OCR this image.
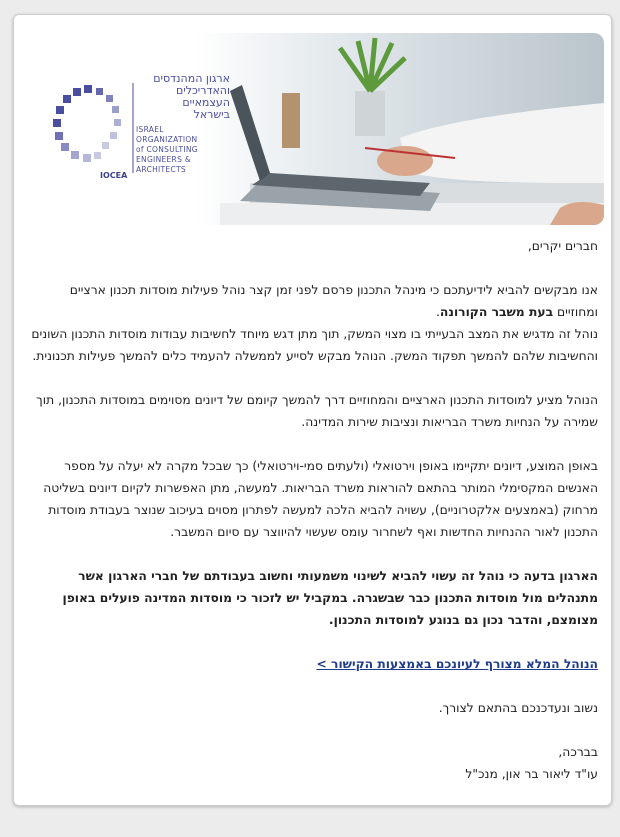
ארגון המהנדסים
והאדריכלים
העצמאיים
בישראל
ISRAEL
ORGANIZATION
of CONSULTING
ENGINEERS & ARCHITECTS
IOCEA

חברים יקרים,

אנו מבקשים להביא לידיעתכם כי מינהל התכנון פרסם לפני זמן קצר נוהל פעילות מוסדות תכנון ארציים
ומחוזיים בעת משבר הקורונה.
נוהל זה מדגיש את המצב הבעייתי בו מצוי המשק, תוך מתן דגש מיוחד לחשיבות עבודות מוסדות התכנון השונים והחשיבות שלהם להמשך תפקוד המשק. הנוהל מבקש לסייע לממשלה להעמיד כלים להמשך פעילות תכנונית.

הנוהל מציע למוסדות התכנון הארציים והמחוזיים דרך להמשך קיומם של דיונים מסוימים במוסדות התכנון, תוך שמירה על הנחיות משרד הבריאות ונציבות שירות המדינה.

באופן המוצע, דיונים יתקיימו באופן וירטואלי (ולעתים סמי-וירטואלי) כך שבכל מקרה לא יעלה על מספר האנשים המקסימלי המותר בהתאם להוראות משרד הבריאות. למעשה, מתן האפשרות לקיום דיונים בשליטה מרחוק (באמצעים אלקטרוניים), עשויה להביא הלכה למעשה לפתרון מסוים בעיכוב שנוצר בעבודת מוסדות התכנון לאור ההנחיות החדשות ואף לשחרור עומס שעשוי להיווצר עם סיום המשבר.

הארגון בדעה כי נוהל זה עשוי להביא לשינוי משמעותי וחשוב בעבודתם של חברי הארגון אשר מתנהלים מול מוסדות התכנון כבר שבשגרה. במקביל יש לזכור כי מוסדות המדינה פועלים באופן מצומצם, והדבר נכון גם בנוגע למוסדות התכנון.

הנוהל המלא מצורף לעיונכם באמצעות הקישור >

נשוב ונעדכנכם בהתאם לצורך.

בברכה,

עו"ד ליאור בר און, מנכ"ל
